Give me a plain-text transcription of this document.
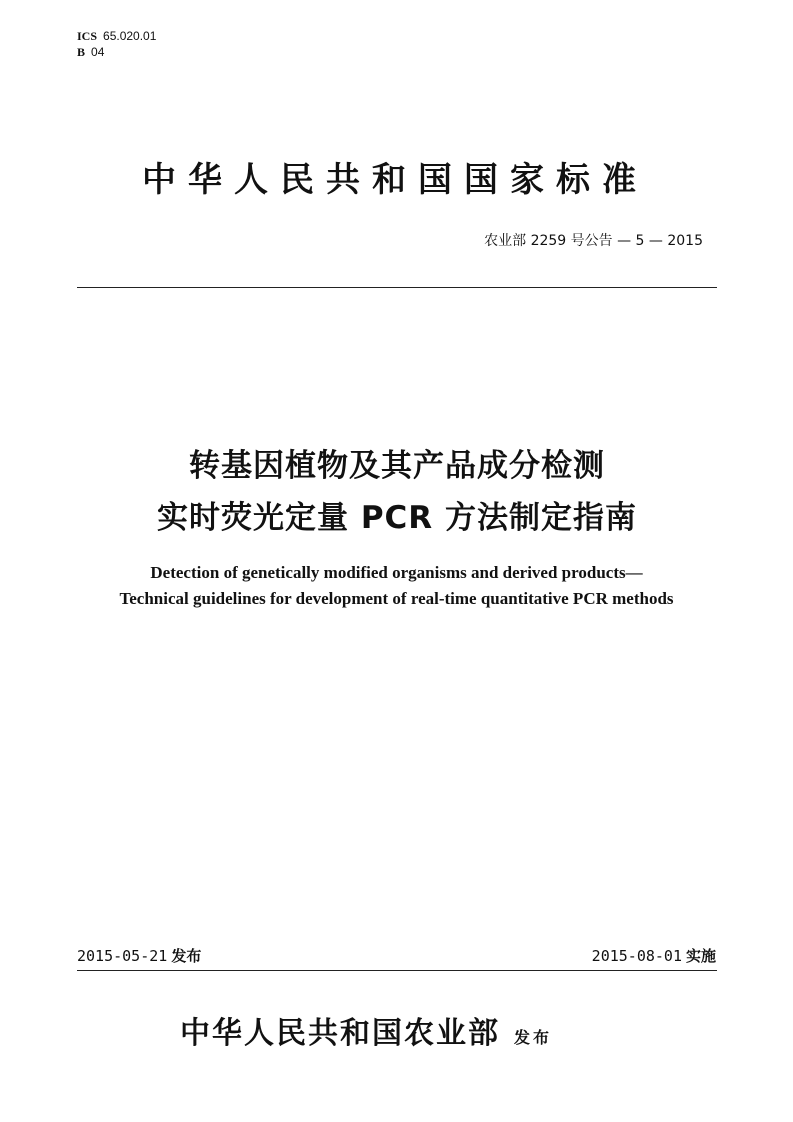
ICS 65.020.01
B 04
中华人民共和国国家标准
农业部 2259 号公告 — 5 — 2015
转基因植物及其产品成分检测
实时荧光定量 PCR 方法制定指南
Detection of genetically modified organisms and derived products—
Technical guidelines for development of real-time quantitative PCR methods
2015-05-21 发布	2015-08-01 实施
中华人民共和国农业部 发布
